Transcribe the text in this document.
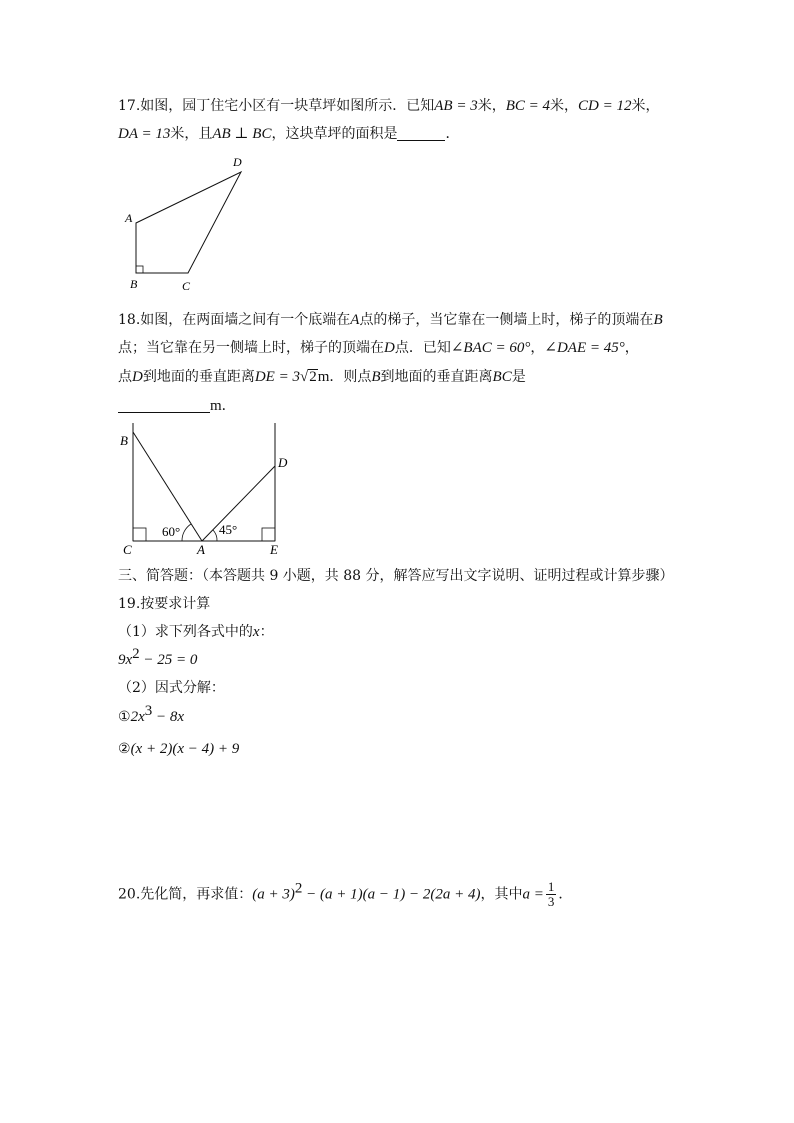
17.如图，园丁住宅小区有一块草坪如图所示．已知AB = 3米，BC = 4米，CD = 12米，
DA = 13米，且AB ⊥ BC，这块草坪的面积是	．
A
B	C
D
18.如图，在两面墙之间有一个底端在A点的梯子，当它靠在一侧墙上时，梯子的顶端在B
点；当它靠在另一侧墙上时，梯子的顶端在D点．已知∠BAC = 60°，∠DAE = 45°，
点D到地面的垂直距离DE = 3√2m．则点B到地面的垂直距离BC是
m．
B
D
C	A	E
60°	45°
三、简答题：（本答题共 9 小题，共 88 分，解答应写出文字说明、证明过程或计算步骤）
19.按要求计算
（1）求下列各式中的x：
$9x^2 - 25 = 0$
（2）因式分解：
$①2x^3 - 8x$
②(x + 2)(x − 4) + 9
20.先化简，再求值：$(a + 3)^2 - (a + 1)(a - 1) - 2(2a + 4)$，其中$a = \frac{1}{3}$ ．
